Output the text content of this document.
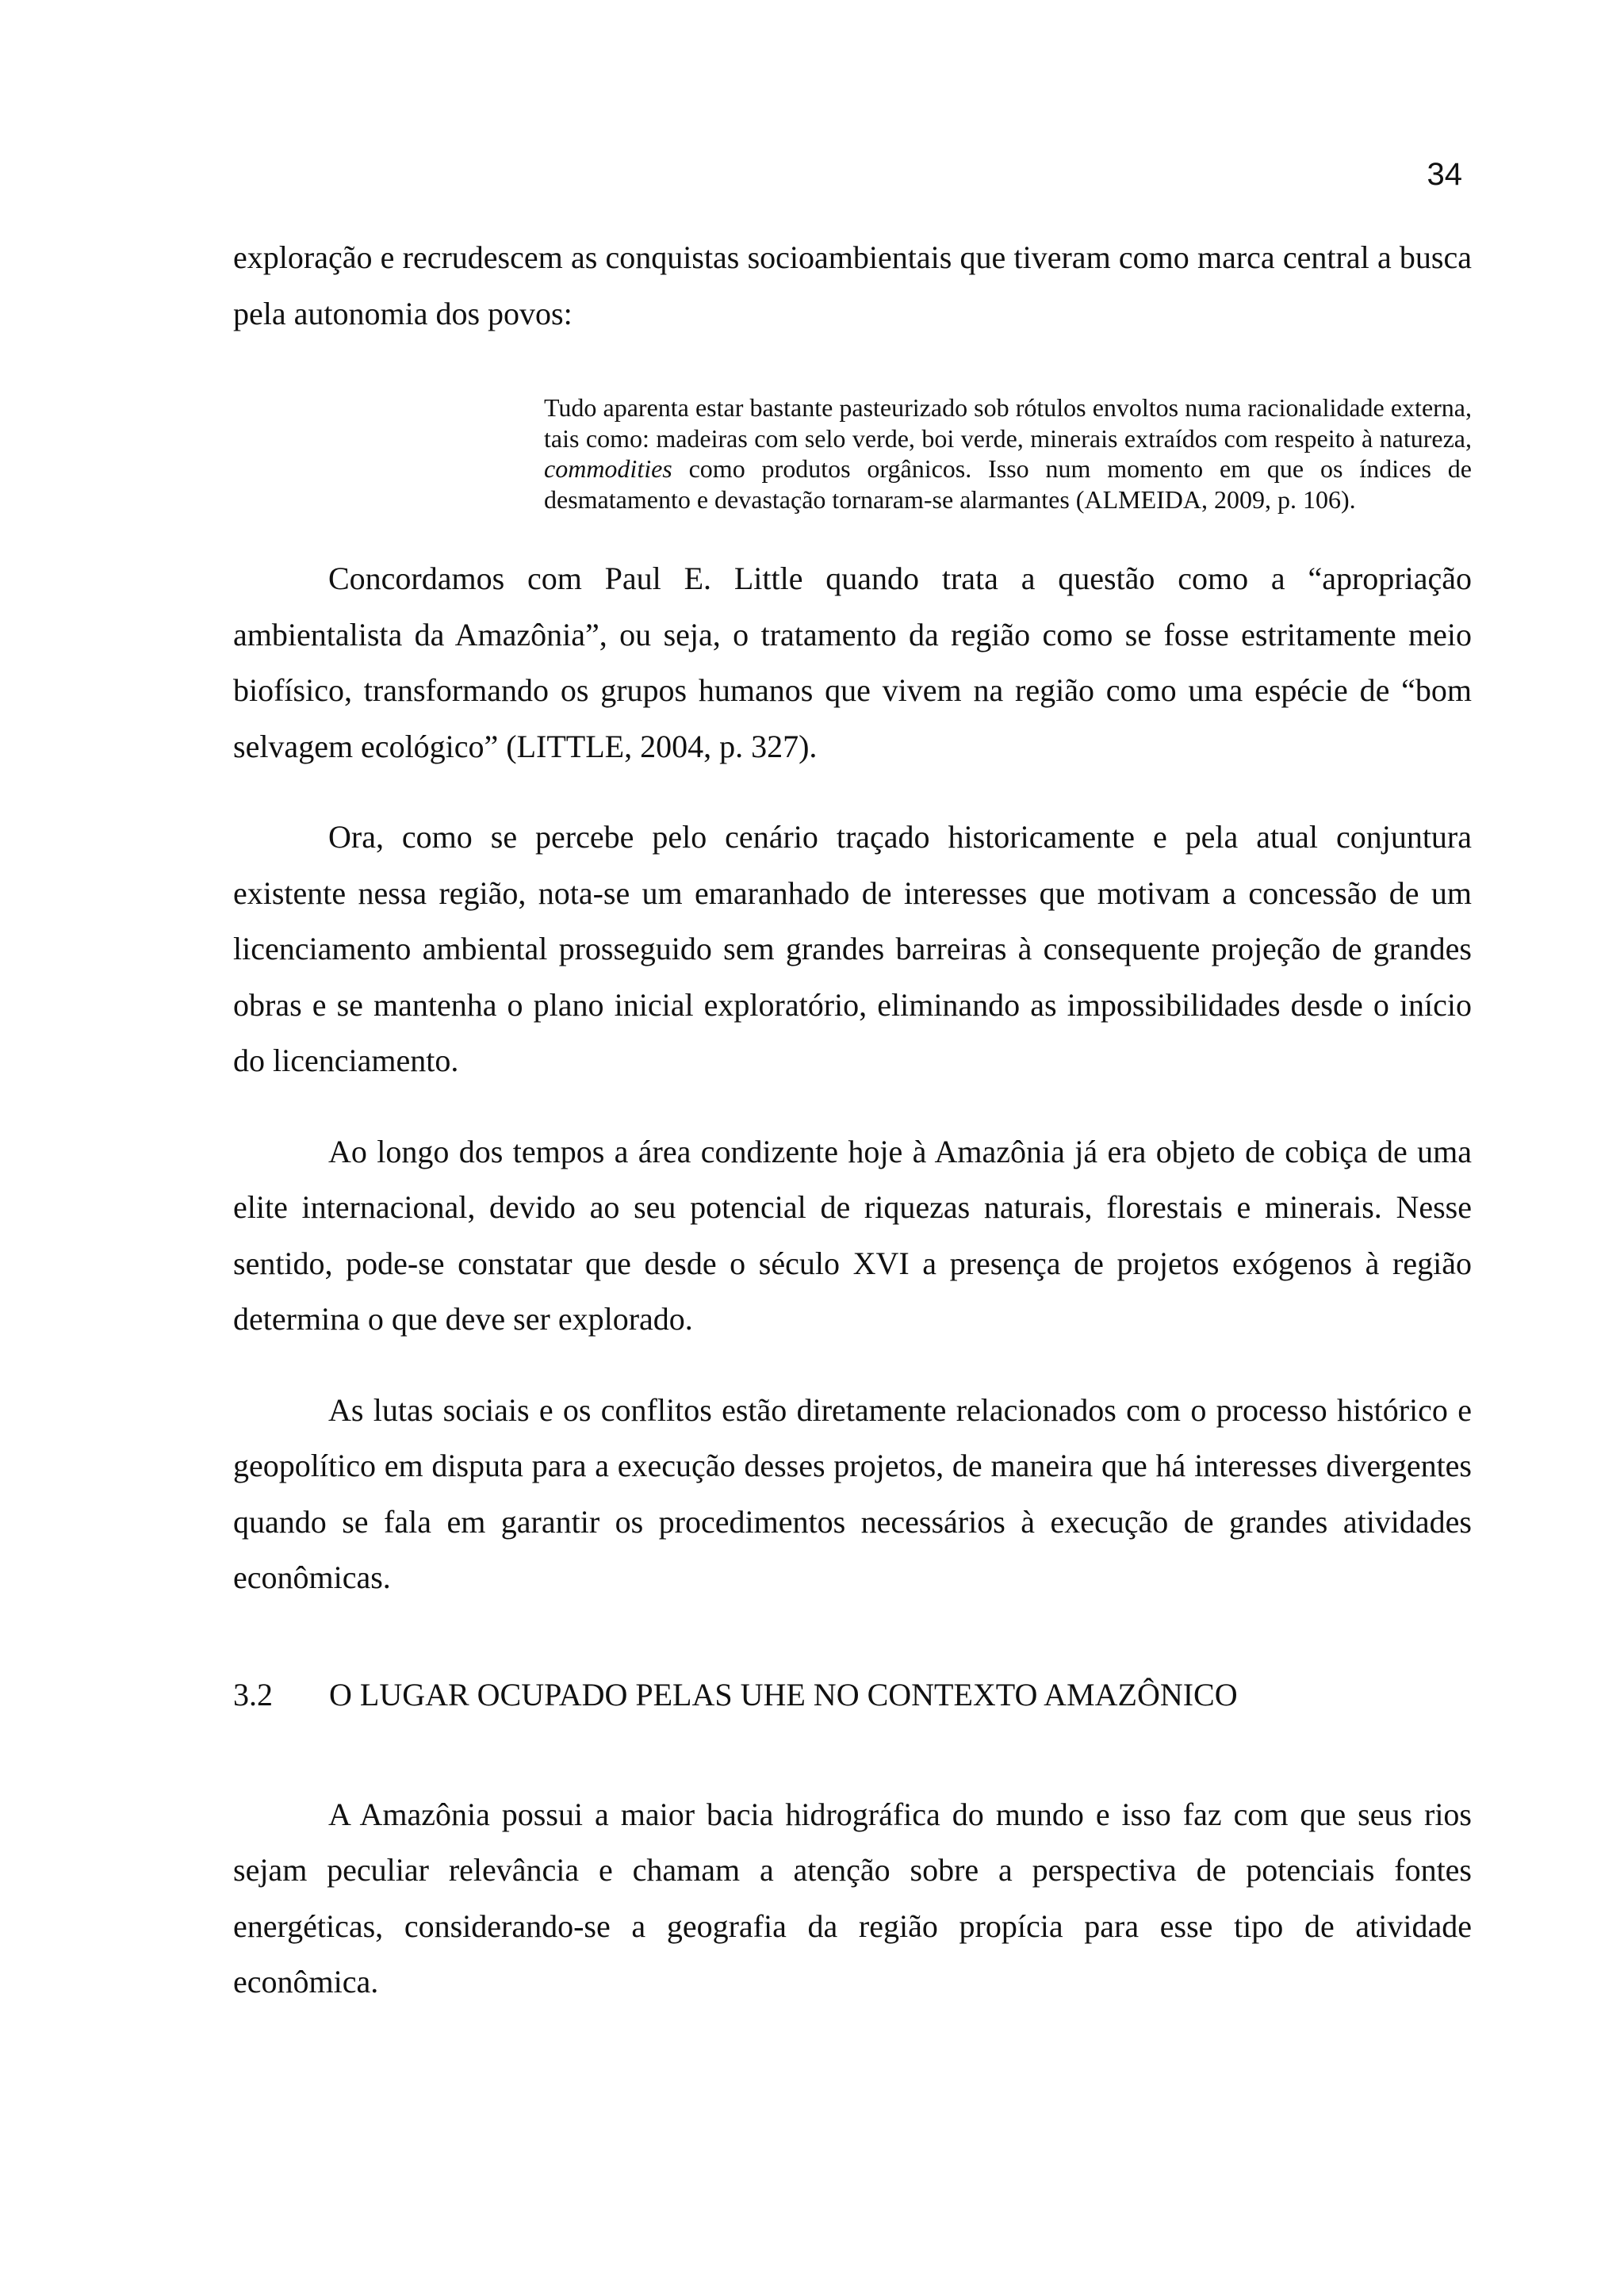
34

exploração e recrudescem as conquistas socioambientais que tiveram como marca central a busca pela autonomia dos povos:

Tudo aparenta estar bastante pasteurizado sob rótulos envoltos numa racionalidade externa, tais como: madeiras com selo verde, boi verde, minerais extraídos com respeito à natureza, commodities como produtos orgânicos. Isso num momento em que os índices de desmatamento e devastação tornaram-se alarmantes (ALMEIDA, 2009, p. 106).

Concordamos com Paul E. Little quando trata a questão como a “apropriação ambientalista da Amazônia”, ou seja, o tratamento da região como se fosse estritamente meio biofísico, transformando os grupos humanos que vivem na região como uma espécie de “bom selvagem ecológico” (LITTLE, 2004, p. 327).

Ora, como se percebe pelo cenário traçado historicamente e pela atual conjuntura existente nessa região, nota-se um emaranhado de interesses que motivam a concessão de um licenciamento ambiental prosseguido sem grandes barreiras à consequente projeção de grandes obras e se mantenha o plano inicial exploratório, eliminando as impossibilidades desde o início do licenciamento.

Ao longo dos tempos a área condizente hoje à Amazônia já era objeto de cobiça de uma elite internacional, devido ao seu potencial de riquezas naturais, florestais e minerais. Nesse sentido, pode-se constatar que desde o século XVI a presença de projetos exógenos à região determina o que deve ser explorado.

As lutas sociais e os conflitos estão diretamente relacionados com o processo histórico e geopolítico em disputa para a execução desses projetos, de maneira que há interesses divergentes quando se fala em garantir os procedimentos necessários à execução de grandes atividades econômicas.

3.2	O LUGAR OCUPADO PELAS UHE NO CONTEXTO AMAZÔNICO

A Amazônia possui a maior bacia hidrográfica do mundo e isso faz com que seus rios sejam peculiar relevância e chamam a atenção sobre a perspectiva de potenciais fontes energéticas, considerando-se a geografia da região propícia para esse tipo de atividade econômica.
